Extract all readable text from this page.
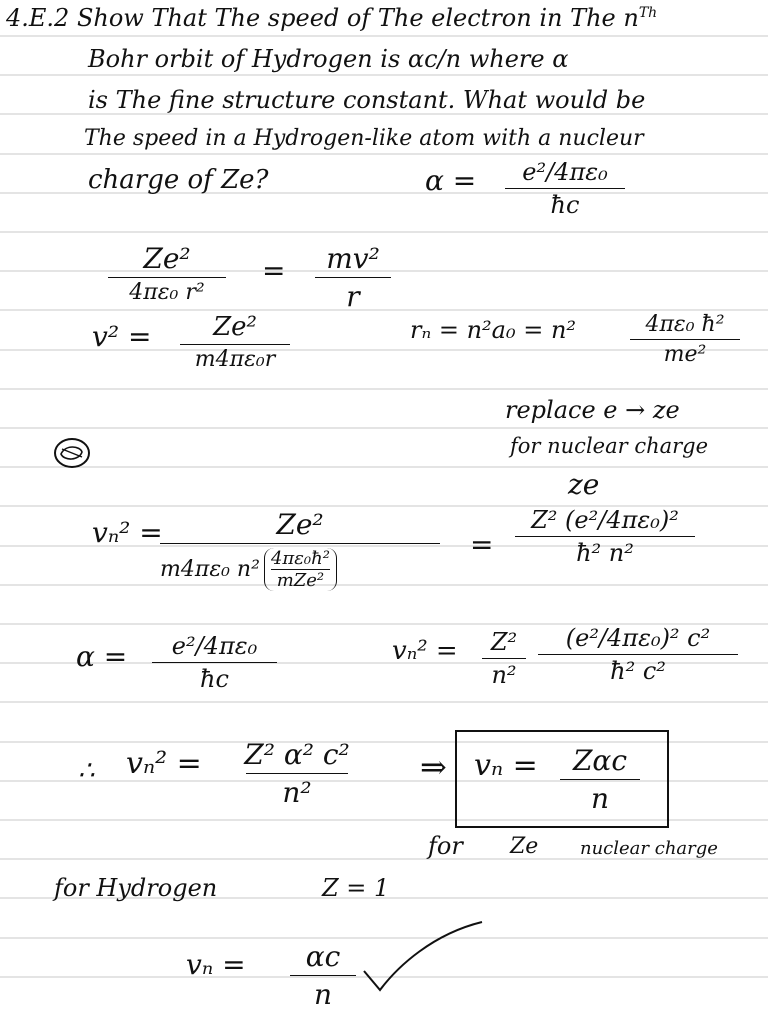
4.E.2 Show That The speed of The electron in The $n^{Th}$
Bohr orbit of Hydrogen is αc/n where α
is The fine structure constant. What would be
The speed in a Hydrogen-like atom with a nucleur
charge of Ze?	α = e²/4πε₀
ħc
Ze²
4πε₀ r²
= mv²
r
v² = Ze²
m4πε₀r
rₙ = n²a₀ = n²	4πε₀ ħ²
me²
replace e → ze
for nuclear charge
ze
vₙ² =	Ze²
m4πε₀ n² 4πε₀ħ²
mZe²
=
Z² (e²/4πε₀)²
ħ² n²
α = e²/4πε₀
ħc
vₙ² = Z²
n²
(e²/4πε₀)² c²
ħ² c²
∴ vₙ² = Z² α² c²
n²
⇒ vₙ = Zαc
n
for Ze nuclear charge
for Hydrogen	Z = 1
vₙ = αc
n
